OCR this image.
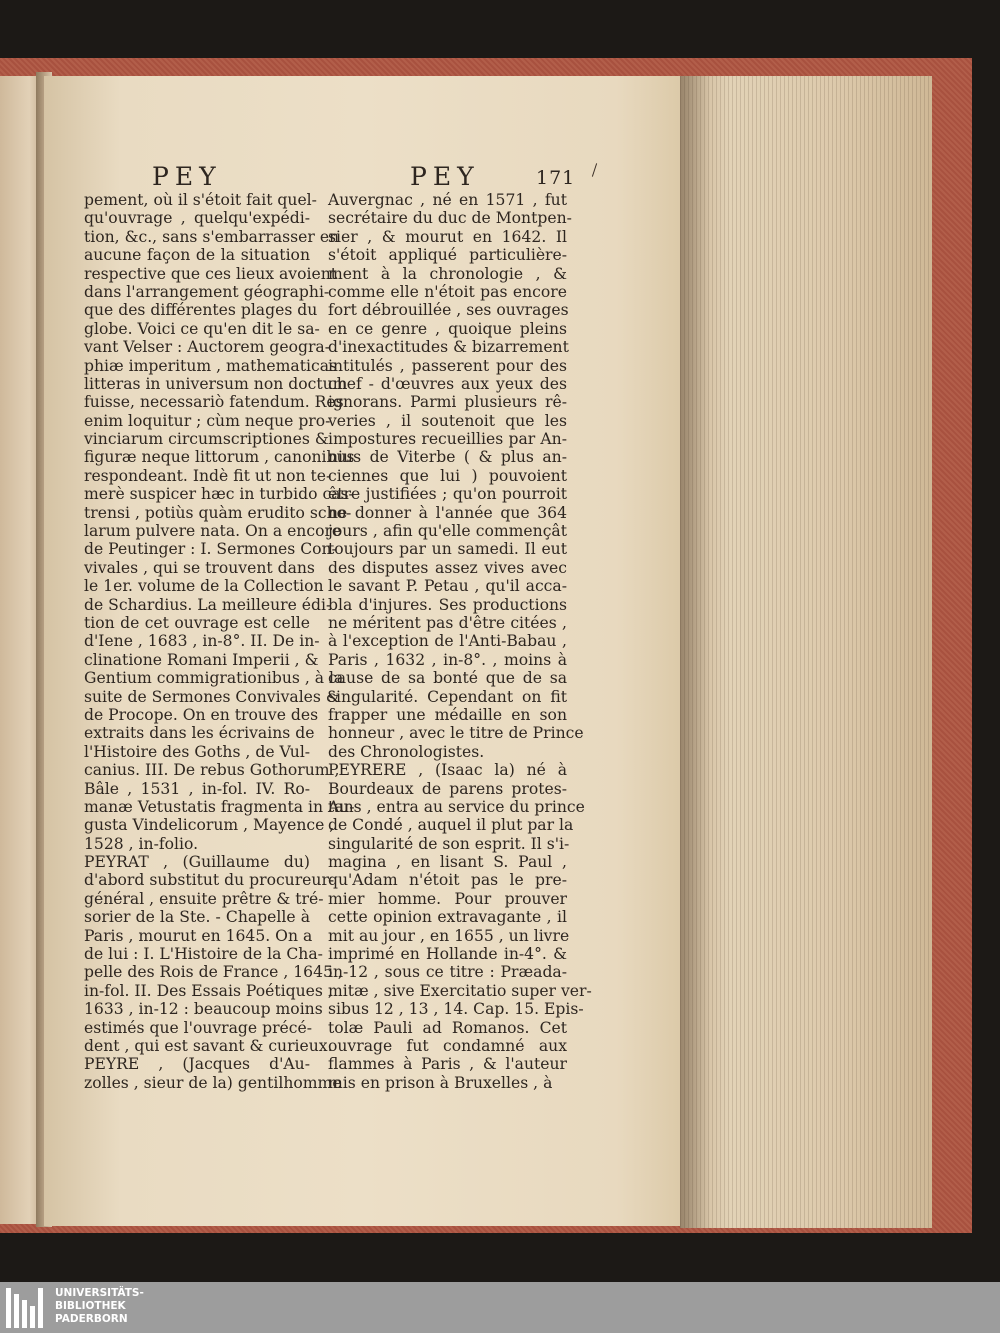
PEY	PEY	171
pement, où il s'étoit fait quel-
qu'ouvrage , quelqu'expédi-
tion, &c., sans s'embarrasser en
aucune façon de la situation
respective que ces lieux avoient
dans l'arrangement géographi-
que des différentes plages du
globe. Voici ce qu'en dit le sa-
vant Velser : Auctorem geogra-
phiæ imperitum , mathematicas
litteras in universum non doctum
fuisse, necessariò fatendum. Res
enim loquitur ; cùm neque pro-
vinciarum circumscriptiones &
figuræ neque littorum , canonibus
respondeant. Indè fit ut non te-
merè suspicer hæc in turbido cas-
trensi , potiùs quàm erudito scho-
larum pulvere nata. On a encore
de Peutinger : I. Sermones Con-
vivales , qui se trouvent dans
le 1er. volume de la Collection
de Schardius. La meilleure édi-
tion de cet ouvrage est celle
d'Iene , 1683 , in-8°. II. De in-
clinatione Romani Imperii , &
Gentium commigrationibus , à la
suite de Sermones Convivales &
de Procope. On en trouve des
extraits dans les écrivains de
l'Histoire des Goths , de Vul-
canius. III. De rebus Gothorum ,
Bâle , 1531 , in-fol. IV. Ro-
manæ Vetustatis fragmenta in Au-
gusta Vindelicorum , Mayence ,
1528 , in-folio.
PEYRAT , (Guillaume du)
d'abord substitut du procureur-
général , ensuite prêtre & tré-
sorier de la Ste. - Chapelle à
Paris , mourut en 1645. On a
de lui : I. L'Histoire de la Cha-
pelle des Rois de France , 1645 ,
in-fol. II. Des Essais Poétiques ,
1633 , in-12 : beaucoup moins
estimés que l'ouvrage précé-
dent , qui est savant & curieux.
PEYRE , (Jacques d'Au-
zolles , sieur de la) gentilhomme
Auvergnac , né en 1571 , fut
secrétaire du duc de Montpen-
sier , & mourut en 1642. Il
s'étoit appliqué particulière-
ment à la chronologie , &
comme elle n'étoit pas encore
fort débrouillée , ses ouvrages
en ce genre , quoique pleins
d'inexactitudes & bizarrement
intitulés , passerent pour des
chef - d'œuvres aux yeux des
ignorans. Parmi plusieurs rê-
veries , il soutenoit que les
impostures recueillies par An-
nius de Viterbe ( & plus an-
ciennes que lui ) pouvoient
être justifiées ; qu'on pourroit
ne donner à l'année que 364
jours , afin qu'elle commençât
toujours par un samedi. Il eut
des disputes assez vives avec
le savant P. Petau , qu'il acca-
bla d'injures. Ses productions
ne méritent pas d'être citées ,
à l'exception de l'Anti-Babau ,
Paris , 1632 , in-8°. , moins à
cause de sa bonté que de sa
singularité. Cependant on fit
frapper une médaille en son
honneur , avec le titre de Prince
des Chronologistes.
PEYRERE , (Isaac la) né à
Bourdeaux de parens protes-
tans , entra au service du prince
de Condé , auquel il plut par la
singularité de son esprit. Il s'i-
magina , en lisant S. Paul ,
qu'Adam n'étoit pas le pre-
mier homme. Pour prouver
cette opinion extravagante , il
mit au jour , en 1655 , un livre
imprimé en Hollande in-4°. &
in-12 , sous ce titre : Præada-
mitæ , sive Exercitatio super ver-
sibus 12 , 13 , 14. Cap. 15. Epis-
tolæ Pauli ad Romanos. Cet
ouvrage fut condamné aux
flammes à Paris , & l'auteur
mis en prison à Bruxelles , à
UNIVERSITÄTS-
BIBLIOTHEK
PADERBORN
